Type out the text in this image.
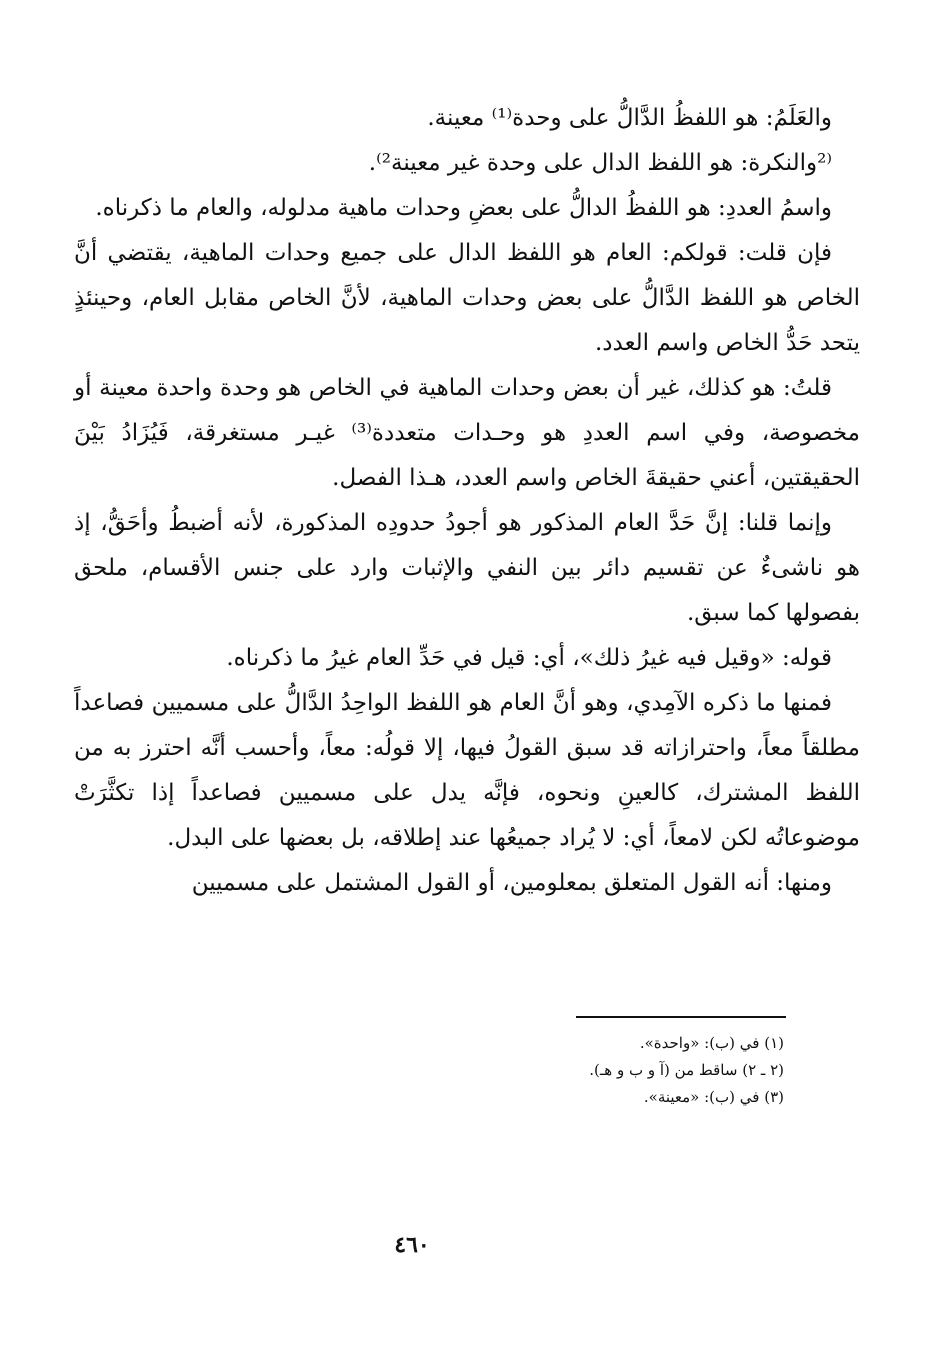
والعَلَمُ: هو اللفظُ الدَّالُّ على وحدة⁽¹⁾ معينة.

⁽²والنكرة: هو اللفظ الدال على وحدة غير معينة²⁾.

واسمُ العددِ: هو اللفظُ الدالُّ على بعضِ وحدات ماهية مدلوله، والعام ما ذكرناه.

فإن قلت: قولكم: العام هو اللفظ الدال على جميع وحدات الماهية، يقتضي أنَّ الخاص هو اللفظ الدَّالُّ على بعض وحدات الماهية، لأنَّ الخاص مقابل العام، وحينئذٍ يتحد حَدُّ الخاص واسم العدد.

قلتُ: هو كذلك، غير أن بعض وحدات الماهية في الخاص هو وحدة واحدة معينة أو مخصوصة، وفي اسم العددِ هو وحـدات متعددة⁽³⁾ غيـر مستغرقة، فَيُزَادُ بَيْنَ الحقيقتين، أعني حقيقةَ الخاص واسم العدد، هـذا الفصل.

وإنما قلنا: إنَّ حَدَّ العام المذكور هو أجودُ حدودِه المذكورة، لأنه أضبطُ وأحَقُّ، إذ هو ناشىءٌ عن تقسيم دائر بين النفي والإثبات وارد على جنس الأقسام، ملحق بفصولها كما سبق.

قوله: «وقيل فيه غيرُ ذلك»، أي: قيل في حَدِّ العام غيرُ ما ذكرناه.

فمنها ما ذكره الآمِدي، وهو أنَّ العام هو اللفظ الواحِدُ الدَّالُّ على مسميين فصاعداً مطلقاً معاً، واحترازاته قد سبق القولُ فيها، إلا قولُه: معاً، وأحسب أنَّه احترز به من اللفظ المشترك، كالعينِ ونحوه، فإنَّه يدل على مسميين فصاعداً إذا تكثَّرَتْ موضوعاتُه لكن لامعاً، أي: لا يُراد جميعُها عند إطلاقه، بل بعضها على البدل.

ومنها: أنه القول المتعلق بمعلومين، أو القول المشتمل على مسميين

(١) في (ب): «واحدة».

(٢ ـ ٢) ساقط من (آ و ب و هـ).

(٣) في (ب): «معينة».

٤٦٠
